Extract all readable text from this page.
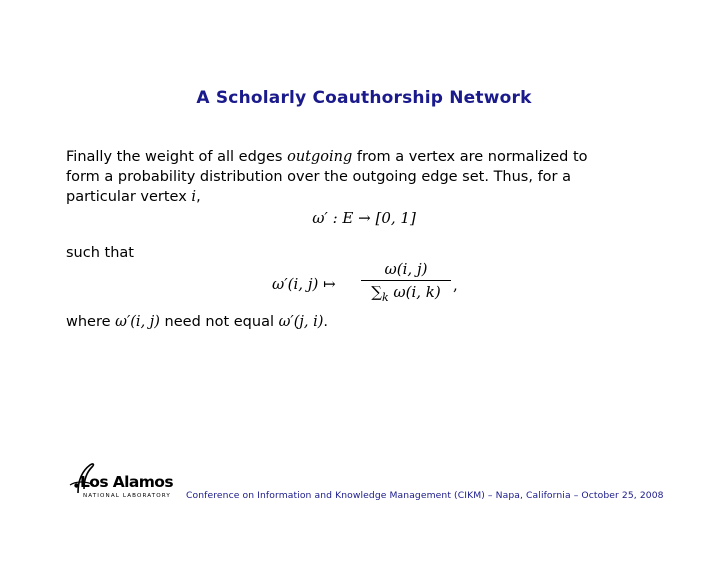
A Scholarly Coauthorship Network
Finally the weight of all edges outgoing from a vertex are normalized to
form a probability distribution over the outgoing edge set. Thus, for a
particular vertex i,
ω′ : E → [0, 1]
such that
ω′(i, j) ↦
ω(i, j)
$\sum_k$ ω(i, k) ,
where ω′(i, j) need not equal ω′(j, i).
Los Alamos
NATIONAL LABORATORY Conference on Information and Knowledge Management (CIKM) – Napa, California – October 25, 2008
